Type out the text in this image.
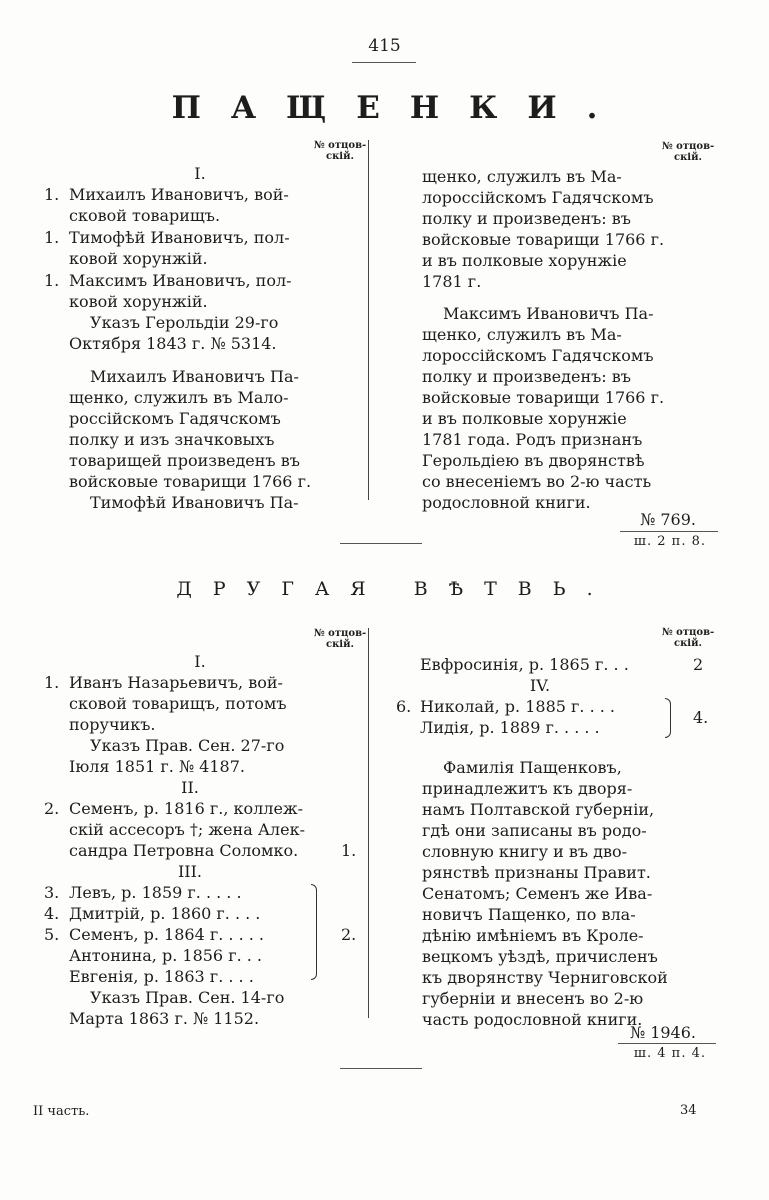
415
ПАЩЕНКИ.
№ отцов-
скій.
№ отцов-
скій.
I.
1. Михаилъ Ивановичъ, вой-
сковой товарищъ.
1. Тимофѣй Ивановичъ, пол-
ковой хорунжій.
1. Максимъ Ивановичъ, пол-
ковой хорунжій.
Указъ Герольдіи 29-го
Октября 1843 г. № 5314.
Михаилъ Ивановичъ Па-
щенко, служилъ въ Мало-
россійскомъ Гадячскомъ
полку и изъ значковыхъ
товарищей произведенъ въ
войсковые товарищи 1766 г.
Тимофѣй Ивановичъ Па-
щенко, служилъ въ Ма-
лороссійскомъ Гадячскомъ
полку и произведенъ: въ
войсковые товарищи 1766 г.
и въ полковые хорунжіе
1781 г.
Максимъ Ивановичъ Па-
щенко, служилъ въ Ма-
лороссійскомъ Гадячскомъ
полку и произведенъ: въ
войсковые товарищи 1766 г.
и въ полковые хорунжіе
1781 года. Родъ признанъ
Герольдіею въ дворянствѣ
со внесеніемъ во 2-ю часть
родословной книги.
№ 769.
ш. 2 п. 8.
ДРУГАЯ ВѢТВЬ.
№ отцов-
скій.
№ отцов-
скій.
I.
1. Иванъ Назарьевичъ, вой-
сковой товарищъ, потомъ
поручикъ.
Указъ Прав. Сен. 27-го
Іюля 1851 г. № 4187.
II.
2. Семенъ, р. 1816 г., коллеж-
скій ассесоръ †; жена Алек-
сандра Петровна Соломко.	1.
III.
3. Левъ, р. 1859 г. . . . .
4. Дмитрій, р. 1860 г. . . .
5. Семенъ, р. 1864 г. . . . .
Антонина, р. 1856 г. . .
Евгенія, р. 1863 г. . . .
2.
Указъ Прав. Сен. 14-го
Марта 1863 г. № 1152.
Евфросинія, р. 1865 г. . .	2
IV.
6. Николай, р. 1885 г. . . .
Лидія, р. 1889 г. . . . .
4.
Фамилія Пащенковъ,
принадлежитъ къ дворя-
намъ Полтавской губерніи,
гдѣ они записаны въ родо-
словную книгу и въ дво-
рянствѣ признаны Правит.
Сенатомъ; Семенъ же Ива-
новичъ Пащенко, по вла-
дѣнію имѣніемъ въ Кроле-
вецкомъ уѣздѣ, причисленъ
къ дворянству Черниговской
губерніи и внесенъ во 2-ю
часть родословной книги.
№ 1946.
ш. 4 п. 4.
II часть.	34
